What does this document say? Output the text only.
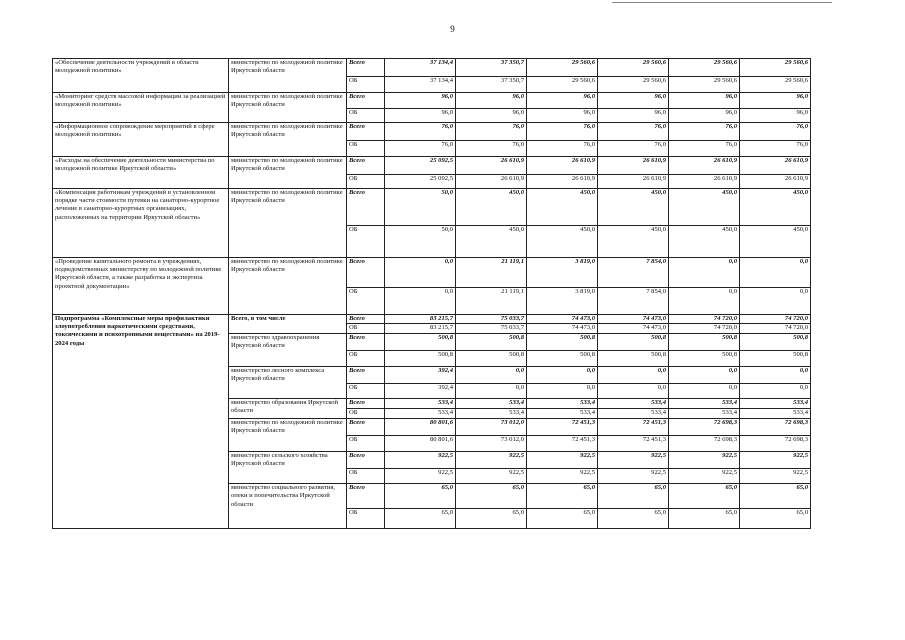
9
«Обеспечение деятельности учреждений в области молодежной политики»	министерство по молодежной политике Иркутской области	Всего	37 134,4	37 350,7	29 560,6	29 560,6	29 560,6	29 560,6
		ОБ	37 134,4	37 350,7	29 560,6	29 560,6	29 560,6	29 560,6
«Мониторинг средств массовой информации за реализацией молодежной политики»	министерство по молодежной политике Иркутской области	Всего	96,0	96,0	96,0	96,0	96,0	96,0
		ОБ	96,0	96,0	96,0	96,0	96,0	96,0
«Информационное сопровождение мероприятий в сфере молодежной политики»	министерство по молодежной политике Иркутской области	Всего	76,0	76,0	76,0	76,0	76,0	76,0
		ОБ	76,0	76,0	76,0	76,0	76,0	76,0
«Расходы на обеспечение деятельности министерства по молодежной политике Иркутской области»	министерство по молодежной политике Иркутской области	Всего	25 092,5	26 610,9	26 610,9	26 610,9	26 610,9	26 610,9
		ОБ	25 092,5	26 610,9	26 610,9	26 610,9	26 610,9	26 610,9
«Компенсация работникам учреждений в установленном порядке части стоимости путевки на санаторно-курортное лечение в санаторно-курортных организациях, расположенных на территории Иркутской области»	министерство по молодежной политике Иркутской области	Всего	50,0	450,0	450,0	450,0	450,0	450,0
		ОБ	50,0	450,0	450,0	450,0	450,0	450,0
«Проведение капитального ремонта в учреждениях, подведомственных министерству по молодежной политике Иркутской области, а также разработка и экспертиза проектной документации»	министерство по молодежной политике Иркутской области	Всего	0,0	21 119,1	3 819,0	7 854,0	0,0	0,0
		ОБ	0,0	21 119,1	3 819,0	7 854,0	0,0	0,0
Подпрограмма «Комплексные меры профилактики злоупотребления наркотическими средствами, токсическими и психотропными веществами» на 2019-2024 годы	Всего, в том числе	Всего	83 215,7	75 033,7	74 473,0	74 473,0	74 720,0	74 720,0
		ОБ	83 215,7	75 033,7	74 473,0	74 473,0	74 720,0	74 720,0
	министерство здравоохранения Иркутской области	Всего	500,8	500,8	500,8	500,8	500,8	500,8
		ОБ	500,8	500,8	500,8	500,8	500,8	500,8
	министерство лесного комплекса Иркутской области	Всего	392,4	0,0	0,0	0,0	0,0	0,0
		ОБ	392,4	0,0	0,0	0,0	0,0	0,0
	министерство образования Иркутской области	Всего	533,4	533,4	533,4	533,4	533,4	533,4
		ОБ	533,4	533,4	533,4	533,4	533,4	533,4
	министерство по молодежной политике Иркутской области	Всего	80 801,6	73 012,0	72 451,3	72 451,3	72 698,3	72 698,3
		ОБ	80 801,6	73 012,0	72 451,3	72 451,3	72 698,3	72 698,3
	министерство сельского хозяйства Иркутской области	Всего	922,5	922,5	922,5	922,5	922,5	922,5
		ОБ	922,5	922,5	922,5	922,5	922,5	922,5
	министерство социального развития, опеки и попечительства Иркутской области	Всего	65,0	65,0	65,0	65,0	65,0	65,0
		ОБ	65,0	65,0	65,0	65,0	65,0	65,0
